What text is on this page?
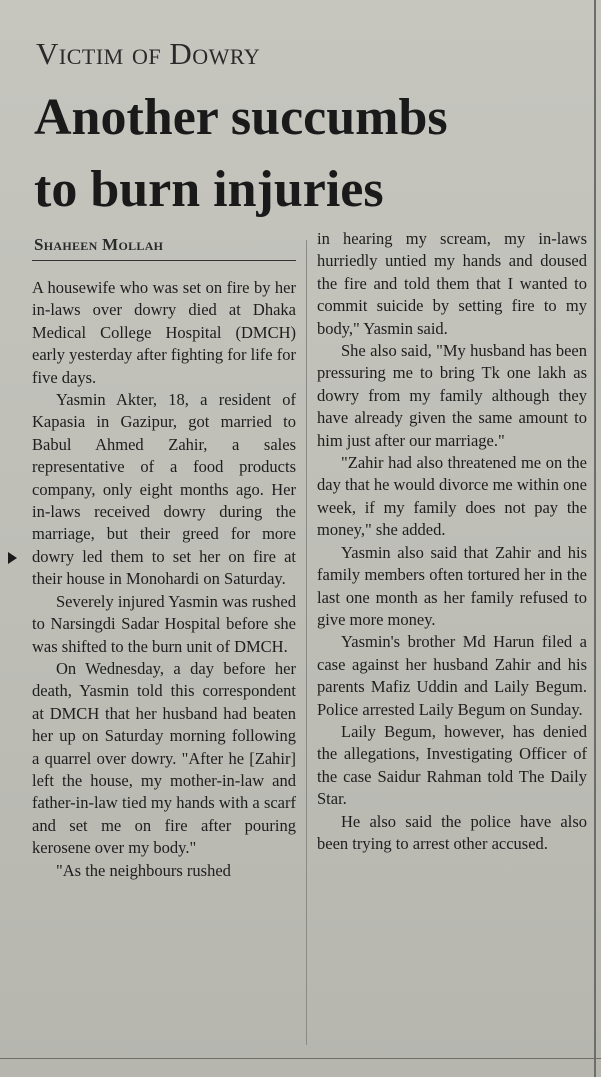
Victim of Dowry
Another succumbs
to burn injuries
Shaheen Mollah

A housewife who was set on fire by her in-laws over dowry died at Dhaka Medical College Hospital (DMCH) early yesterday after fighting for life for five days.

Yasmin Akter, 18, a resident of Kapasia in Gazipur, got married to Babul Ahmed Zahir, a sales representative of a food products company, only eight months ago. Her in-laws received dowry during the marriage, but their greed for more dowry led them to set her on fire at their house in Monohardi on Saturday.

Severely injured Yasmin was rushed to Narsingdi Sadar Hospital before she was shifted to the burn unit of DMCH.

On Wednesday, a day before her death, Yasmin told this correspondent at DMCH that her husband had beaten her up on Saturday morning following a quarrel over dowry. "After he [Zahir] left the house, my mother-in-law and father-in-law tied my hands with a scarf and set me on fire after pouring kerosene over my body."

"As the neighbours rushed

in hearing my scream, my in-laws hurriedly untied my hands and doused the fire and told them that I wanted to commit suicide by setting fire to my body," Yasmin said.

She also said, "My husband has been pressuring me to bring Tk one lakh as dowry from my family although they have already given the same amount to him just after our marriage."

"Zahir had also threatened me on the day that he would divorce me within one week, if my family does not pay the money," she added.

Yasmin also said that Zahir and his family members often tortured her in the last one month as her family refused to give more money.

Yasmin's brother Md Harun filed a case against her husband Zahir and his parents Mafiz Uddin and Laily Begum. Police arrested Laily Begum on Sunday.

Laily Begum, however, has denied the allegations, Investigating Officer of the case Saidur Rahman told The Daily Star.

He also said the police have also been trying to arrest other accused.
